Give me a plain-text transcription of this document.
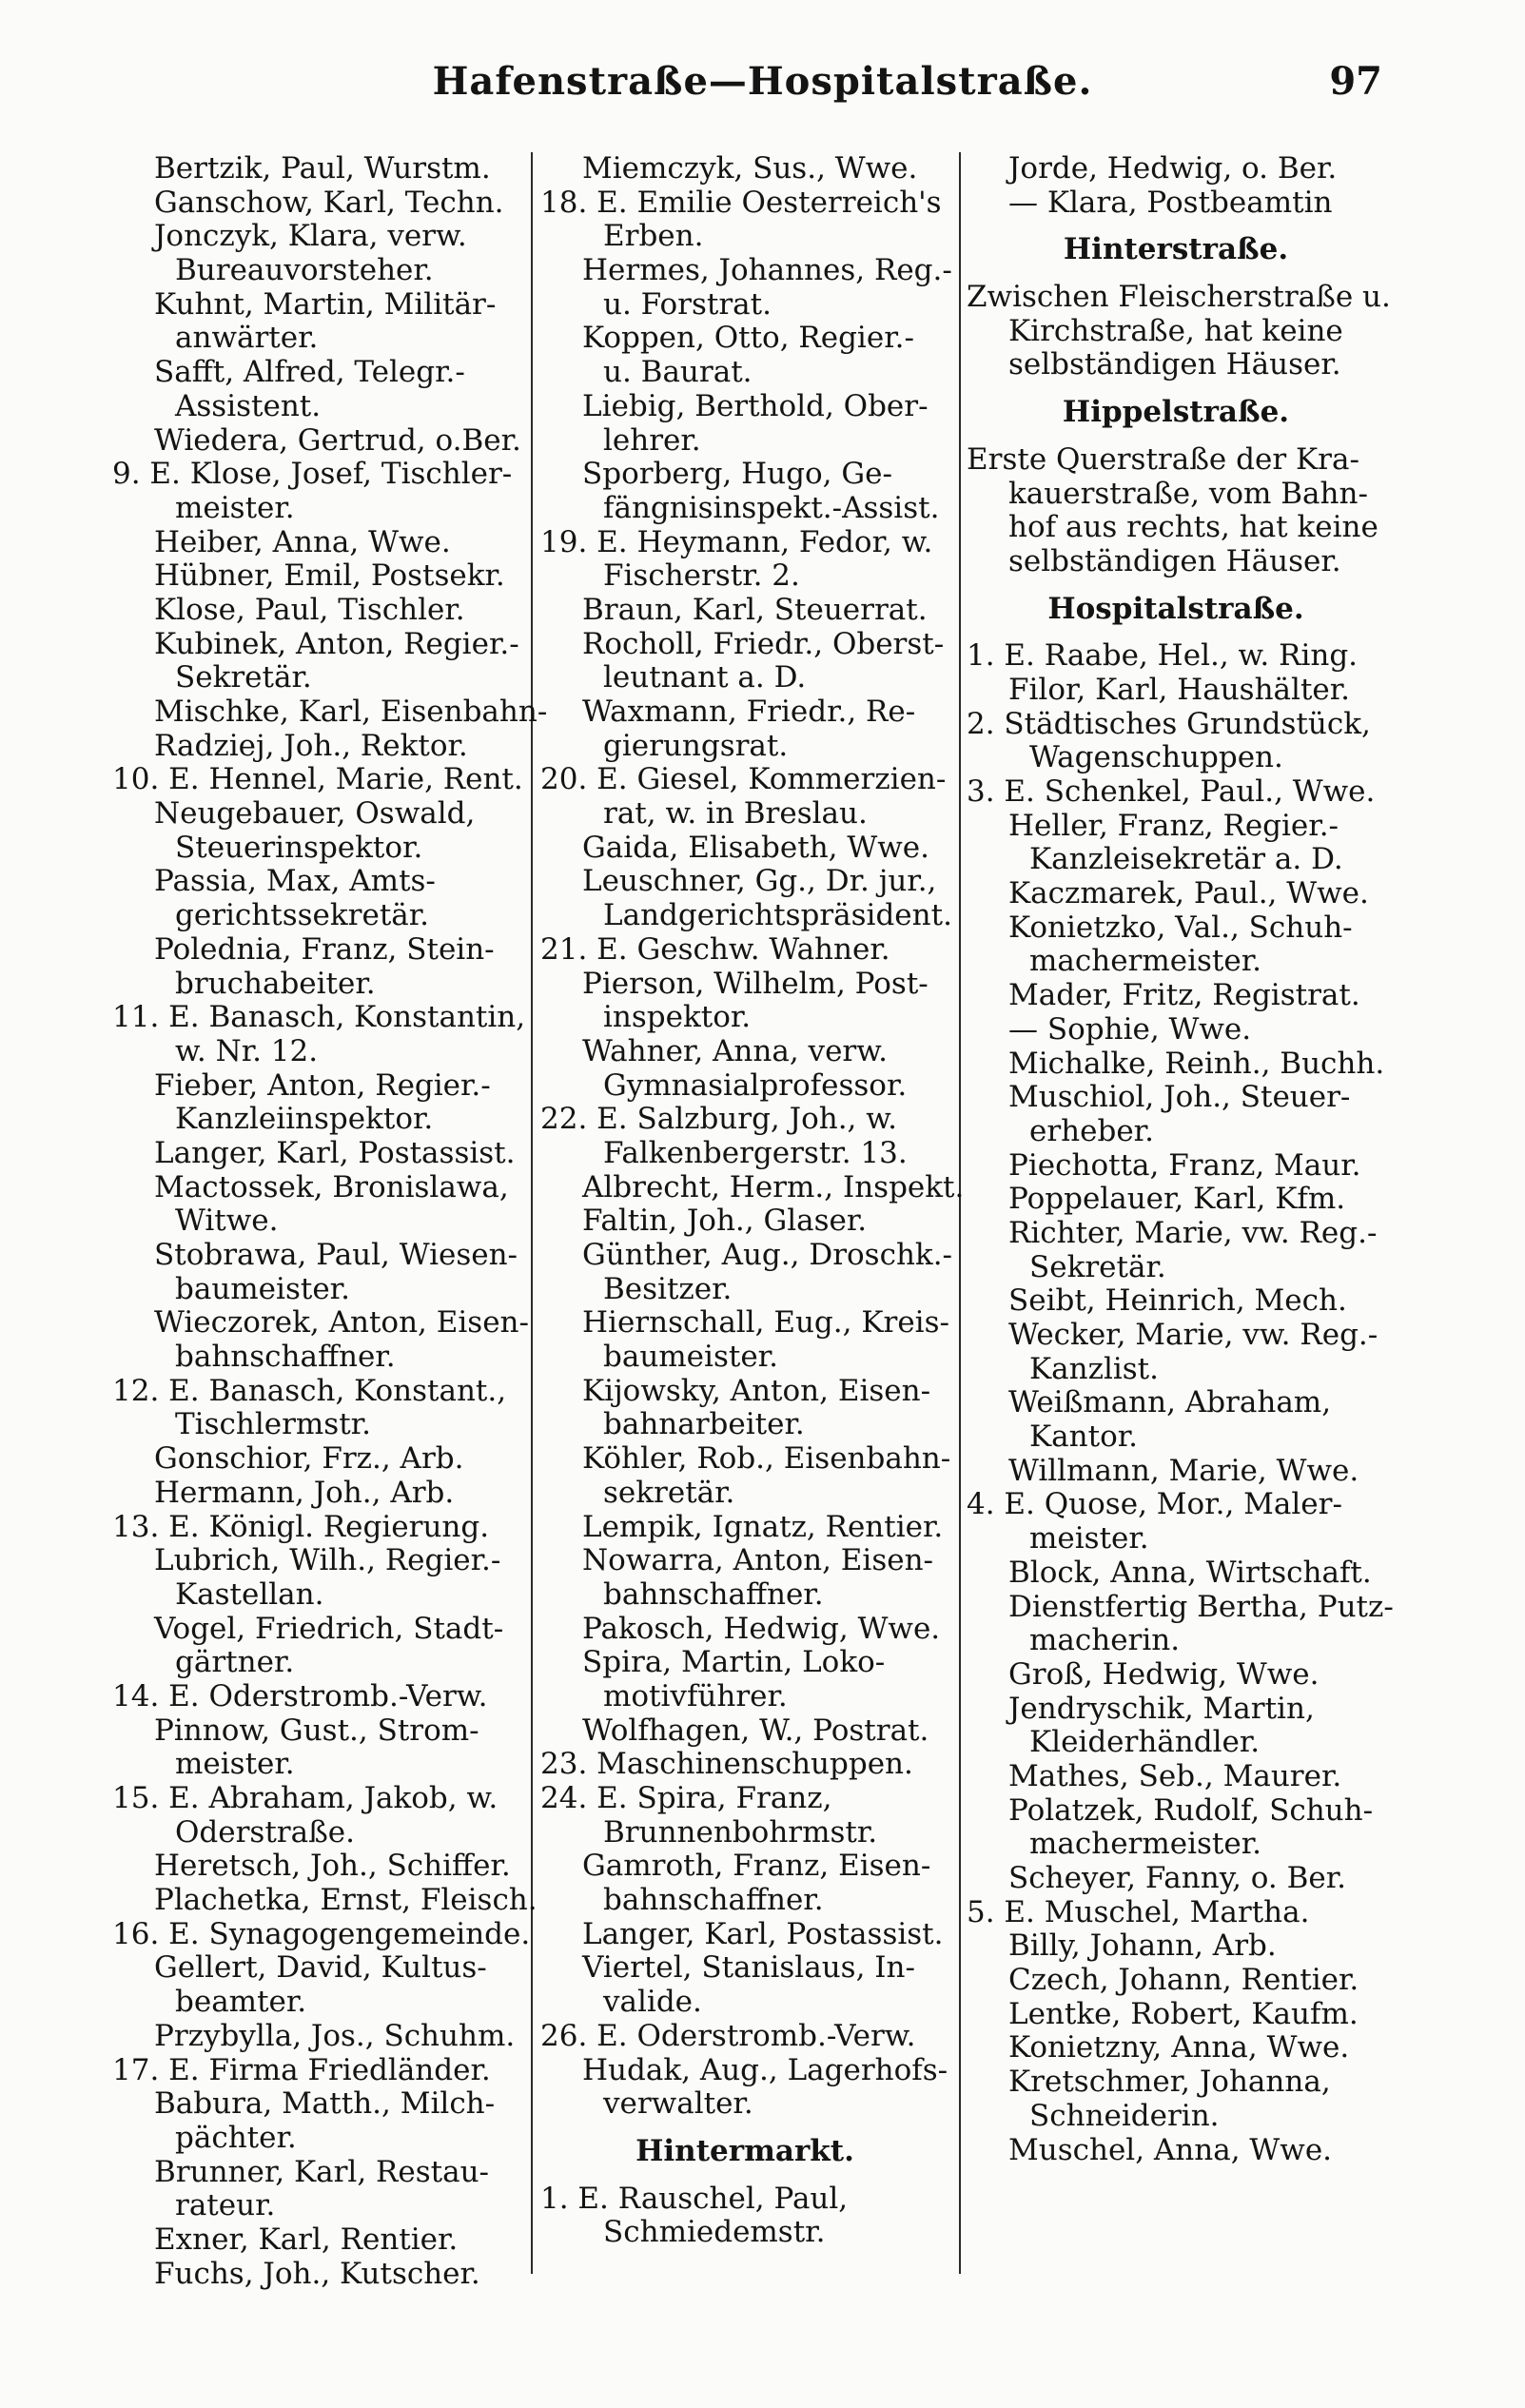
Hafenstraße—Hospitalstraße.	97
Bertzik, Paul, Wurstm.
Ganschow, Karl, Techn.
Jonczyk, Klara, verw.
Bureauvorsteher.
Kuhnt, Martin, Militär-
anwärter.
Safft, Alfred, Telegr.-
Assistent.
Wiedera, Gertrud, o.Ber.
9. E. Klose, Josef, Tischler-
meister.
Heiber, Anna, Wwe.
Hübner, Emil, Postsekr.
Klose, Paul, Tischler.
Kubinek, Anton, Regier.-
Sekretär.
Mischke, Karl, Eisenbahn-
Radziej, Joh., Rektor.
10. E. Hennel, Marie, Rent.
Neugebauer, Oswald,
Steuerinspektor.
Passia, Max, Amts-
gerichtssekretär.
Polednia, Franz, Stein-
bruchabeiter.
11. E. Banasch, Konstantin,
w. Nr. 12.
Fieber, Anton, Regier.-
Kanzleiinspektor.
Langer, Karl, Postassist.
Mactossek, Bronislawa,
Witwe.
Stobrawa, Paul, Wiesen-
baumeister.
Wieczorek, Anton, Eisen-
bahnschaffner.
12. E. Banasch, Konstant.,
Tischlermstr.
Gonschior, Frz., Arb.
Hermann, Joh., Arb.
13. E. Königl. Regierung.
Lubrich, Wilh., Regier.-
Kastellan.
Vogel, Friedrich, Stadt-
gärtner.
14. E. Oderstromb.-Verw.
Pinnow, Gust., Strom-
meister.
15. E. Abraham, Jakob, w.
Oderstraße.
Heretsch, Joh., Schiffer.
Plachetka, Ernst, Fleisch.
16. E. Synagogengemeinde.
Gellert, David, Kultus-
beamter.
Przybylla, Jos., Schuhm.
17. E. Firma Friedländer.
Babura, Matth., Milch-
pächter.
Brunner, Karl, Restau-
rateur.
Exner, Karl, Rentier.
Fuchs, Joh., Kutscher.
Miemczyk, Sus., Wwe.
18. E. Emilie Oesterreich's
Erben.
Hermes, Johannes, Reg.-
u. Forstrat.
Koppen, Otto, Regier.-
u. Baurat.
Liebig, Berthold, Ober-
lehrer.
Sporberg, Hugo, Ge-
fängnisinspekt.-Assist.
19. E. Heymann, Fedor, w.
Fischerstr. 2.
Braun, Karl, Steuerrat.
Rocholl, Friedr., Oberst-
leutnant a. D.
Waxmann, Friedr., Re-
gierungsrat.
20. E. Giesel, Kommerzien-
rat, w. in Breslau.
Gaida, Elisabeth, Wwe.
Leuschner, Gg., Dr. jur.,
Landgerichtspräsident.
21. E. Geschw. Wahner.
Pierson, Wilhelm, Post-
inspektor.
Wahner, Anna, verw.
Gymnasialprofessor.
22. E. Salzburg, Joh., w.
Falkenbergerstr. 13.
Albrecht, Herm., Inspekt.
Faltin, Joh., Glaser.
Günther, Aug., Droschk.-
Besitzer.
Hiernschall, Eug., Kreis-
baumeister.
Kijowsky, Anton, Eisen-
bahnarbeiter.
Köhler, Rob., Eisenbahn-
sekretär.
Lempik, Ignatz, Rentier.
Nowarra, Anton, Eisen-
bahnschaffner.
Pakosch, Hedwig, Wwe.
Spira, Martin, Loko-
motivführer.
Wolfhagen, W., Postrat.
23. Maschinenschuppen.
24. E. Spira, Franz,
Brunnenbohrmstr.
Gamroth, Franz, Eisen-
bahnschaffner.
Langer, Karl, Postassist.
Viertel, Stanislaus, In-
valide.
26. E. Oderstromb.-Verw.
Hudak, Aug., Lagerhofs-
verwalter.
Hintermarkt.
1. E. Rauschel, Paul,
Schmiedemstr.
Jorde, Hedwig, o. Ber.
— Klara, Postbeamtin
Hinterstraße.
Zwischen Fleischerstraße u.
Kirchstraße, hat keine
selbständigen Häuser.
Hippelstraße.
Erste Querstraße der Kra-
kauerstraße, vom Bahn-
hof aus rechts, hat keine
selbständigen Häuser.
Hospitalstraße.
1. E. Raabe, Hel., w. Ring.
Filor, Karl, Haushälter.
2. Städtisches Grundstück,
Wagenschuppen.
3. E. Schenkel, Paul., Wwe.
Heller, Franz, Regier.-
Kanzleisekretär a. D.
Kaczmarek, Paul., Wwe.
Konietzko, Val., Schuh-
machermeister.
Mader, Fritz, Registrat.
— Sophie, Wwe.
Michalke, Reinh., Buchh.
Muschiol, Joh., Steuer-
erheber.
Piechotta, Franz, Maur.
Poppelauer, Karl, Kfm.
Richter, Marie, vw. Reg.-
Sekretär.
Seibt, Heinrich, Mech.
Wecker, Marie, vw. Reg.-
Kanzlist.
Weißmann, Abraham,
Kantor.
Willmann, Marie, Wwe.
4. E. Quose, Mor., Maler-
meister.
Block, Anna, Wirtschaft.
Dienstfertig Bertha, Putz-
macherin.
Groß, Hedwig, Wwe.
Jendryschik, Martin,
Kleiderhändler.
Mathes, Seb., Maurer.
Polatzek, Rudolf, Schuh-
machermeister.
Scheyer, Fanny, o. Ber.
5. E. Muschel, Martha.
Billy, Johann, Arb.
Czech, Johann, Rentier.
Lentke, Robert, Kaufm.
Konietzny, Anna, Wwe.
Kretschmer, Johanna,
Schneiderin.
Muschel, Anna, Wwe.
